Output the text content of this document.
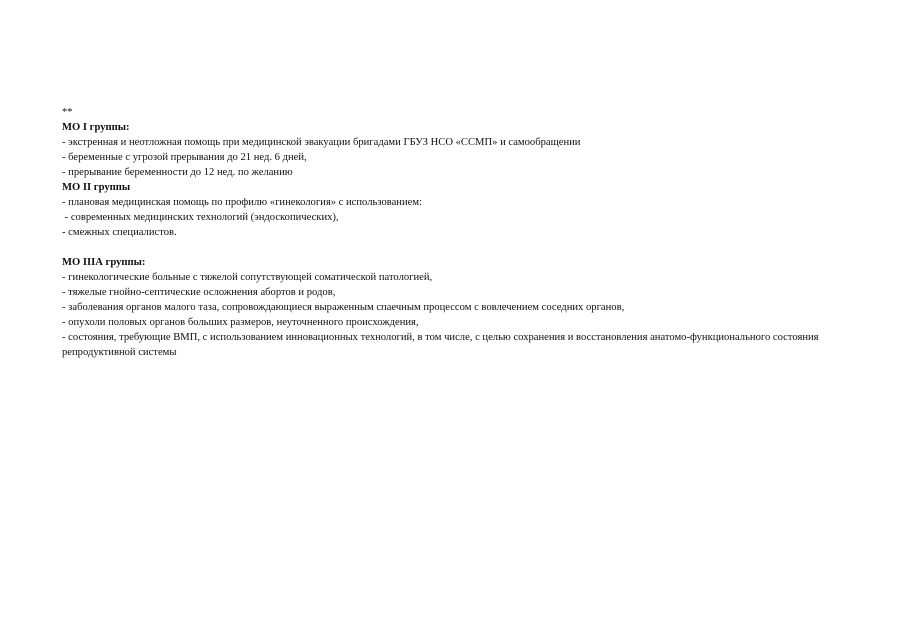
**
МО I группы:
- экстренная и неотложная помощь при медицинской эвакуации бригадами ГБУЗ НСО «ССМП» и самообращении
- беременные с угрозой прерывания до 21 нед. 6 дней,
- прерывание беременности до 12 нед. по желанию
МО II группы
- плановая медицинская помощь по профилю «гинекология» с использованием:
- современных медицинских технологий (эндоскопических),
- смежных специалистов.
МО IIIА группы:
- гинекологические больные с тяжелой сопутствующей соматической патологией,
- тяжелые гнойно-септические осложнения абортов и родов,
- заболевания органов малого таза, сопровождающиеся выраженным спаечным процессом с вовлечением соседних органов,
- опухоли половых органов больших размеров, неуточненного происхождения,
- состояния, требующие ВМП, с использованием инновационных технологий, в том числе, с целью сохранения и восстановления анатомо-функционального состояния репродуктивной системы
